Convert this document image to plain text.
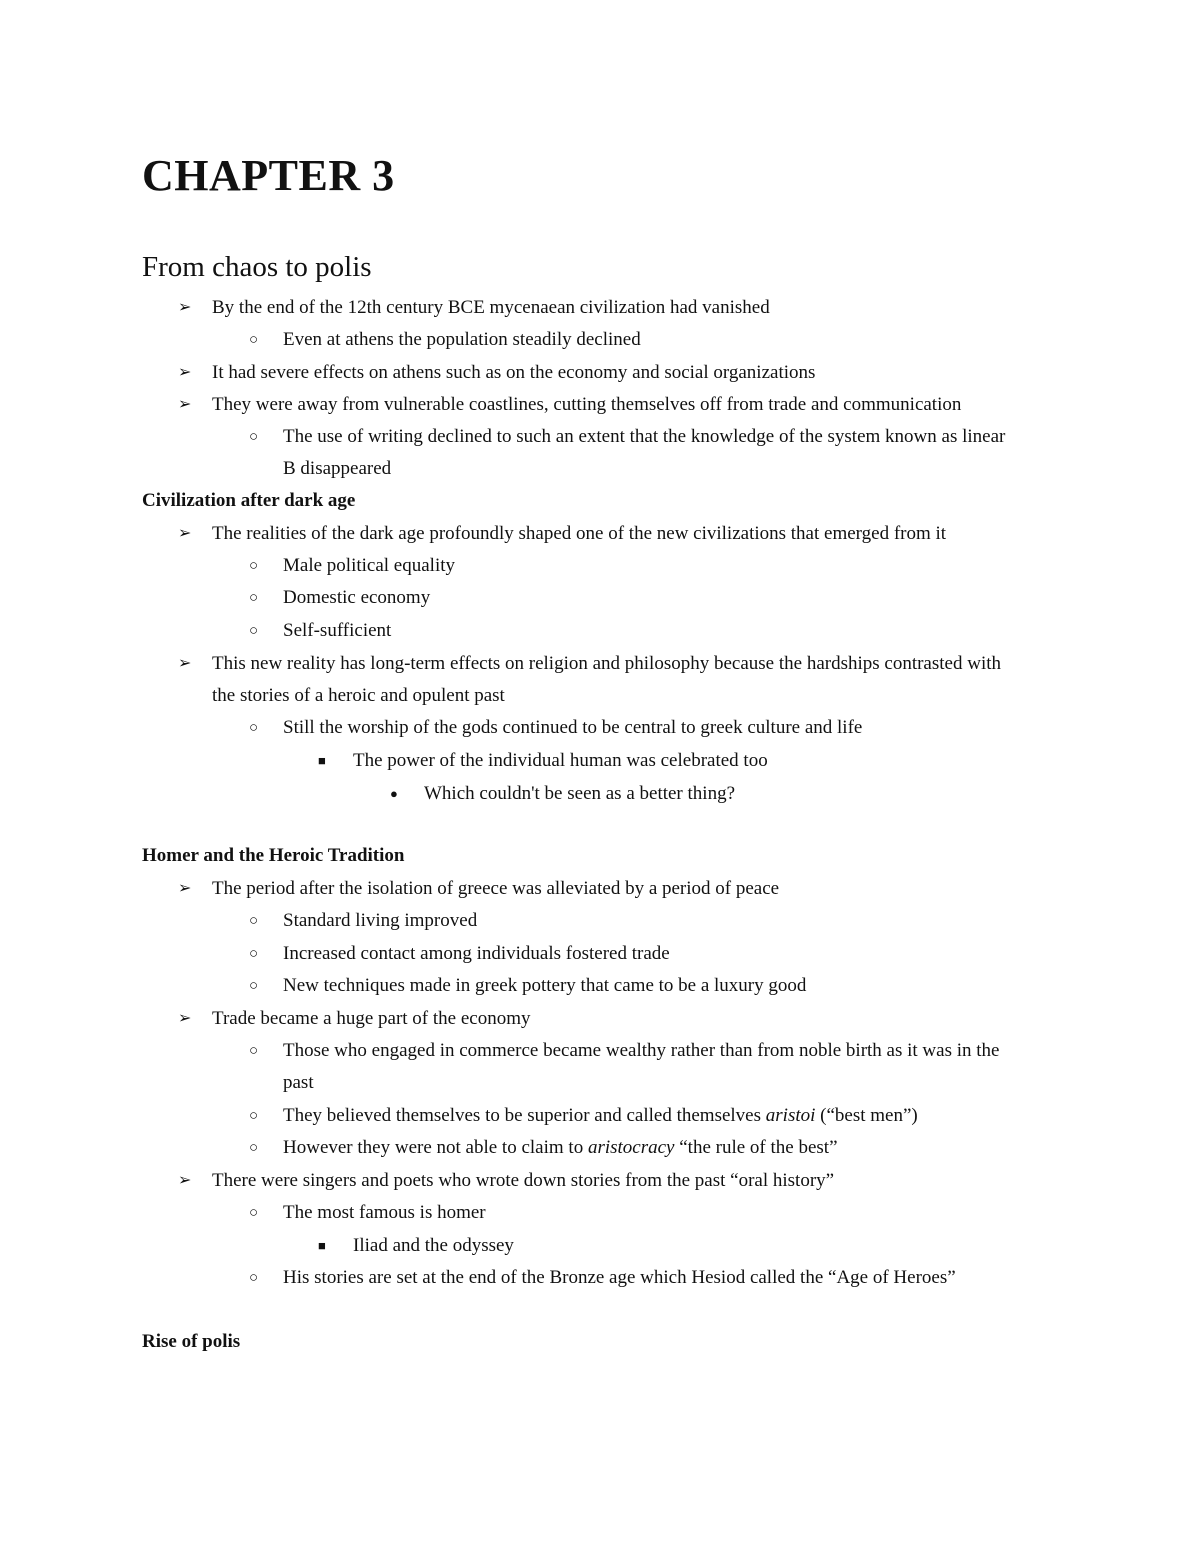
CHAPTER 3
From chaos to polis
➢ By the end of the 12th century BCE mycenaean civilization had vanished
○ Even at athens the population steadily declined
➢ It had severe effects on athens such as on the economy and social organizations
➢ They were away from vulnerable coastlines, cutting themselves off from trade and communication
○ The use of writing declined to such an extent that the knowledge of the system known as linear
B disappeared
Civilization after dark age
➢ The realities of the dark age profoundly shaped one of the new civilizations that emerged from it
○ Male political equality
○ Domestic economy
○ Self-sufficient
➢ This new reality has long-term effects on religion and philosophy because the hardships contrasted with
the stories of a heroic and opulent past
○ Still the worship of the gods continued to be central to greek culture and life
■ The power of the individual human was celebrated too
● Which couldn't be seen as a better thing?
Homer and the Heroic Tradition
➢ The period after the isolation of greece was alleviated by a period of peace
○ Standard living improved
○ Increased contact among individuals fostered trade
○ New techniques made in greek pottery that came to be a luxury good
➢ Trade became a huge part of the economy
○ Those who engaged in commerce became wealthy rather than from noble birth as it was in the
past
○ They believed themselves to be superior and called themselves aristoi (“best men”)
○ However they were not able to claim to aristocracy “the rule of the best”
➢ There were singers and poets who wrote down stories from the past “oral history”
○ The most famous is homer
■ Iliad and the odyssey
○ His stories are set at the end of the Bronze age which Hesiod called the “Age of Heroes”
Rise of polis
